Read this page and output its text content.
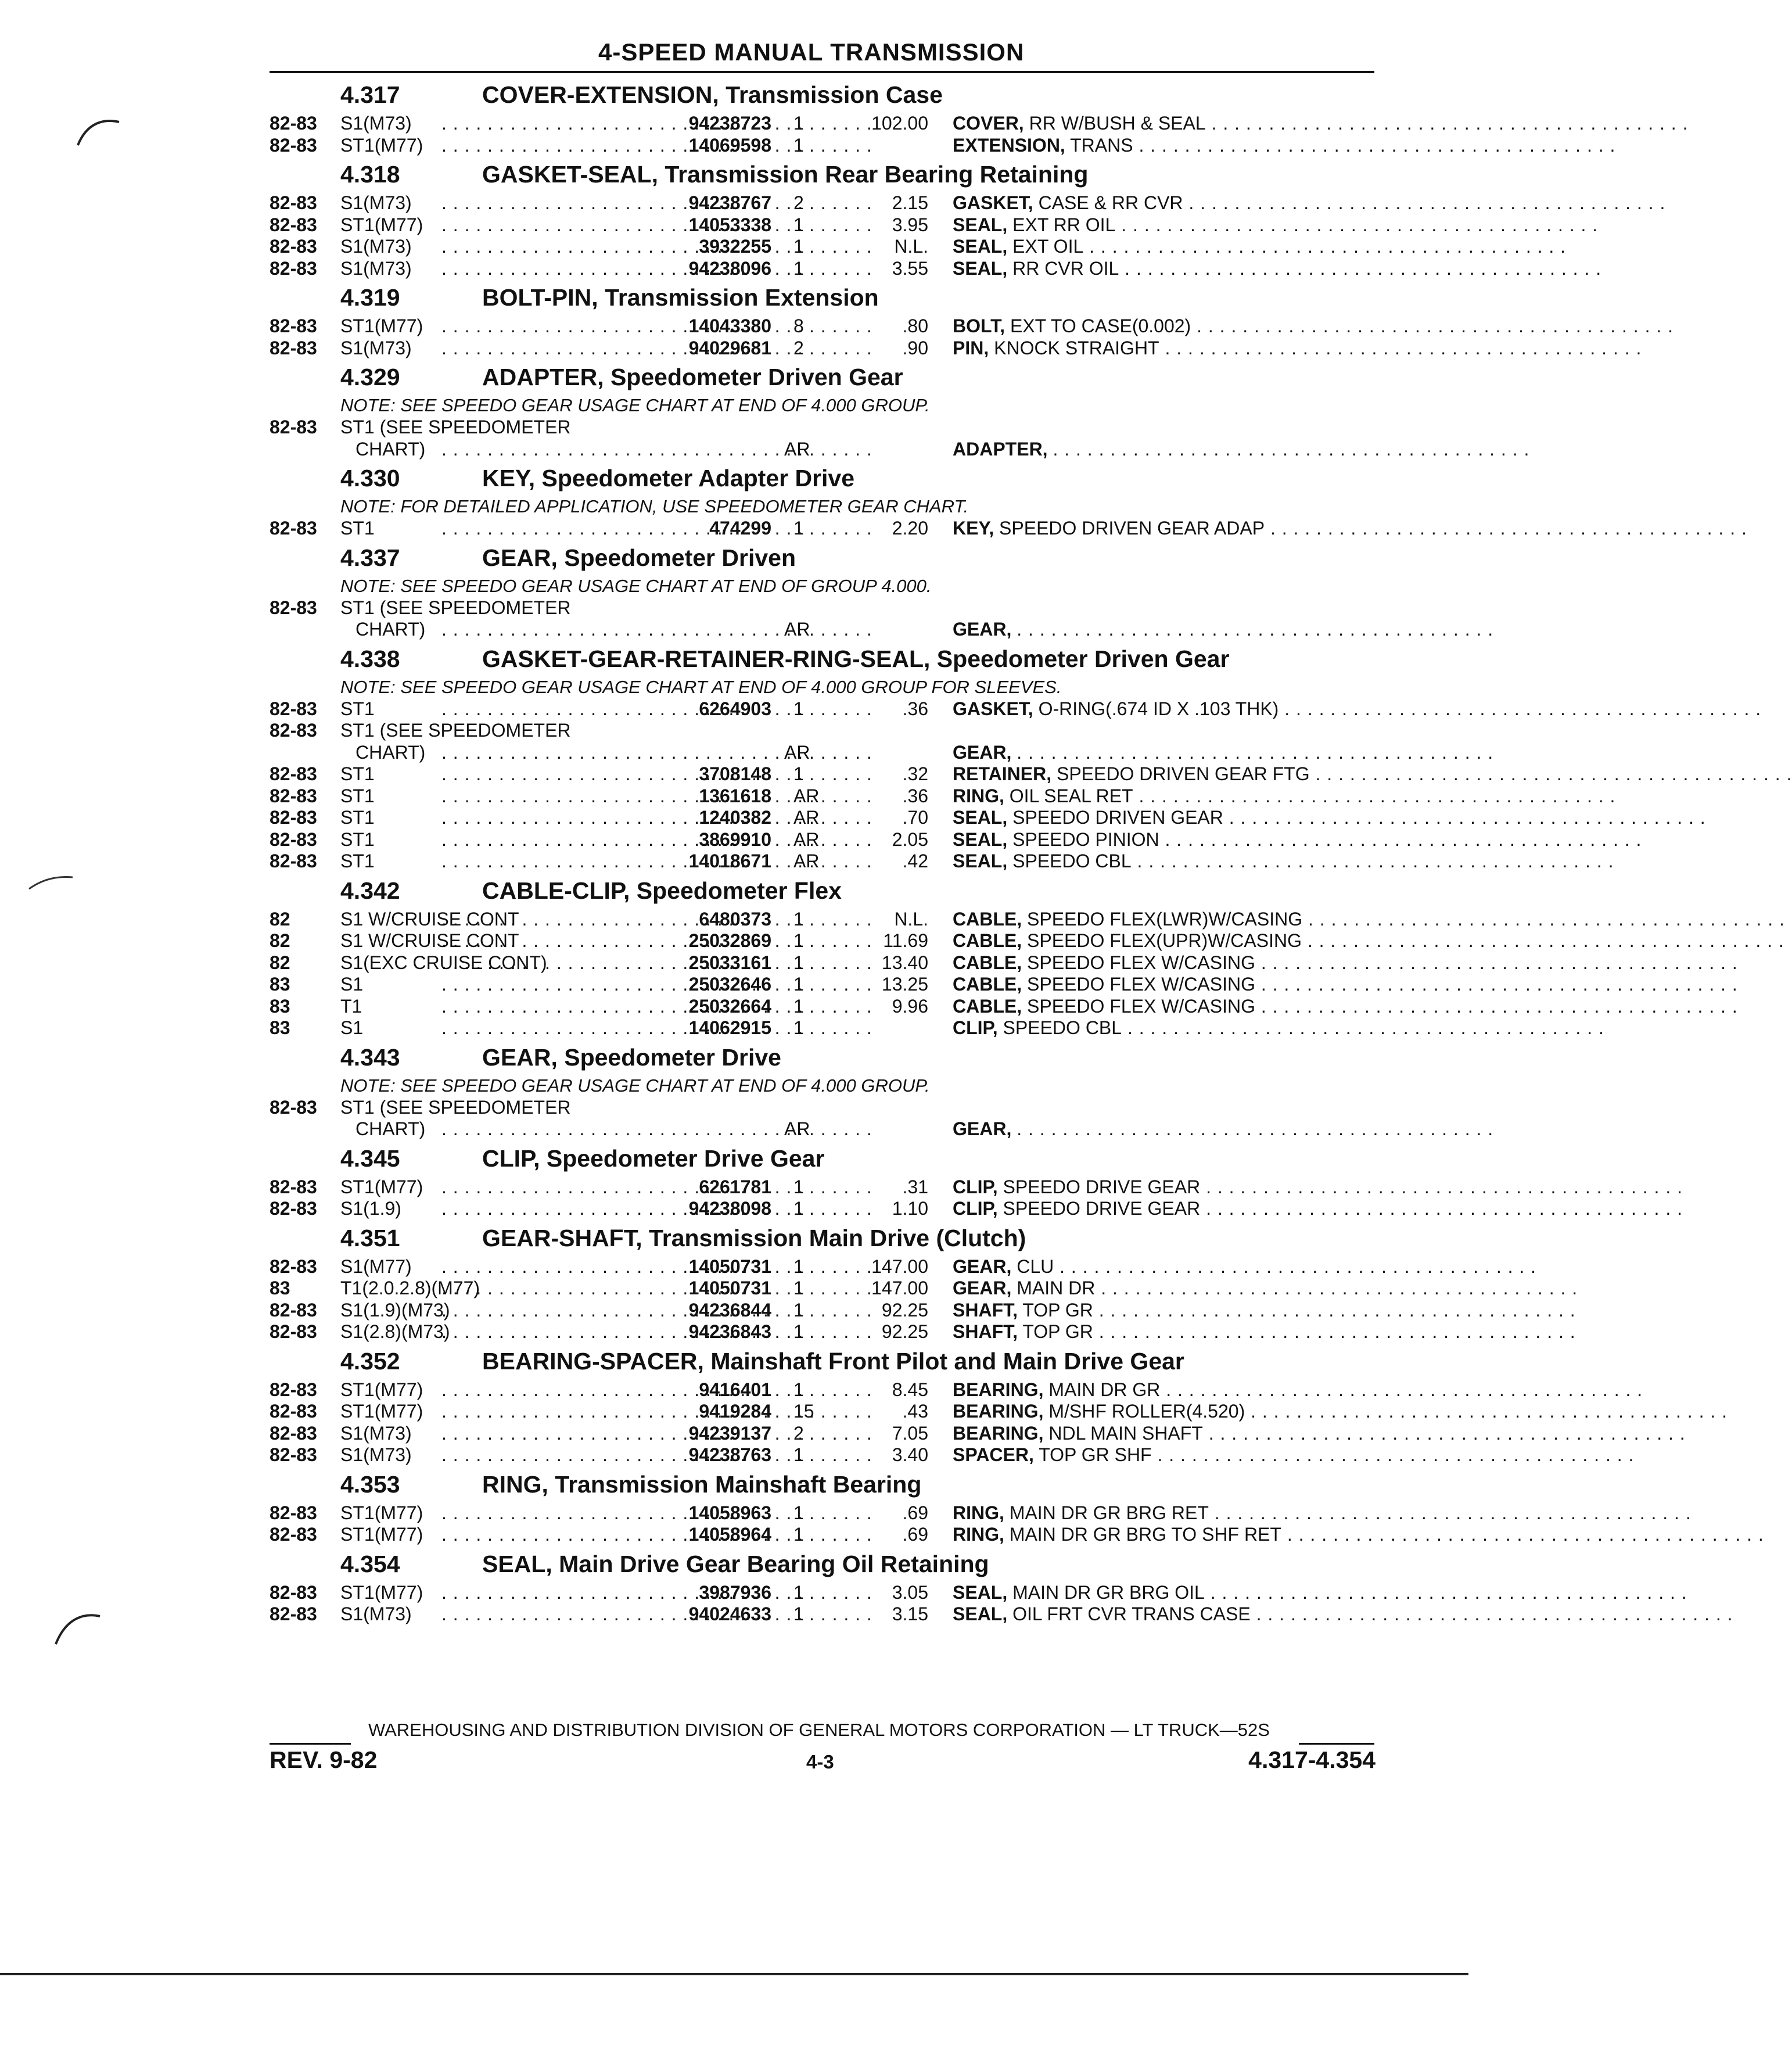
4-SPEED MANUAL TRANSMISSION
4.317	COVER-EXTENSION, Transmission Case
82-83 S1(M73) . . .	94238723 1	102.00 COVER, RR W/BUSH & SEAL . . . . . . . . . . . . . . . . . . . . . . . . . . . . . . . . . . . . . . . . . .
82-83 ST1(M77) . . .	14069598 1	EXTENSION, TRANS . . . . . . . . . . . . . . . . . . . . . . . . . . . . . . . . . . . . . . . . . .
4.318	GASKET-SEAL, Transmission Rear Bearing Retaining
82-83 S1(M73) . . .	94238767 2	2.15 GASKET, CASE & RR CVR . . . . . . . . . . . . . . . . . . . . . . . . . . . . . . . . . . . . . . . . . .
82-83 ST1(M77) . . .	14053338 1	3.95 SEAL, EXT RR OIL . . . . . . . . . . . . . . . . . . . . . . . . . . . . . . . . . . . . . . . . . .
82-83 S1(M73) . . .	3932255 1	N.L. SEAL, EXT OIL . . . . . . . . . . . . . . . . . . . . . . . . . . . . . . . . . . . . . . . . . .
82-83 S1(M73) . . .	94238096 1	3.55 SEAL, RR CVR OIL . . . . . . . . . . . . . . . . . . . . . . . . . . . . . . . . . . . . . . . . . .
4.319	BOLT-PIN, Transmission Extension
82-83 ST1(M77) . . .	14043380 8	.80 BOLT, EXT TO CASE(0.002) . . . . . . . . . . . . . . . . . . . . . . . . . . . . . . . . . . . . . . . . . .
82-83 S1(M73) . . .	94029681 2	.90 PIN, KNOCK STRAIGHT . . . . . . . . . . . . . . . . . . . . . . . . . . . . . . . . . . . . . . . . . .
4.329	ADAPTER, Speedometer Driven Gear
NOTE: SEE SPEEDO GEAR USAGE CHART AT END OF 4.000 GROUP.
82-83 ST1 (SEE SPEEDOMETER
CHART) . . .	AR	ADAPTER, . . . . . . . . . . . . . . . . . . . . . . . . . . . . . . . . . . . . . . . . . .
4.330	KEY, Speedometer Adapter Drive
NOTE: FOR DETAILED APPLICATION, USE SPEEDOMETER GEAR CHART.
82-83 ST1 . . .	474299 1	2.20 KEY, SPEEDO DRIVEN GEAR ADAP . . . . . . . . . . . . . . . . . . . . . . . . . . . . . . . . . . . . . . . . . .
4.337	GEAR, Speedometer Driven
NOTE: SEE SPEEDO GEAR USAGE CHART AT END OF GROUP 4.000.
82-83 ST1 (SEE SPEEDOMETER
CHART) . . .	AR	GEAR, . . . . . . . . . . . . . . . . . . . . . . . . . . . . . . . . . . . . . . . . . .
4.338	GASKET-GEAR-RETAINER-RING-SEAL, Speedometer Driven Gear
NOTE: SEE SPEEDO GEAR USAGE CHART AT END OF 4.000 GROUP FOR SLEEVES.
82-83 ST1 . . .	6264903 1	.36 GASKET, O-RING(.674 ID X .103 THK) . . . . . . . . . . . . . . . . . . . . . . . . . . . . . . . . . . . . . . . . . .
82-83 ST1 (SEE SPEEDOMETER
CHART) . . .	AR	GEAR, . . . . . . . . . . . . . . . . . . . . . . . . . . . . . . . . . . . . . . . . . .
82-83 ST1 . . .	3708148 1	.32 RETAINER, SPEEDO DRIVEN GEAR FTG . . . . . . . . . . . . . . . . . . . . . . . . . . . . . . . . . . . . . . . . . .
82-83 ST1 . . .	1361618 AR	.36 RING, OIL SEAL RET . . . . . . . . . . . . . . . . . . . . . . . . . . . . . . . . . . . . . . . . . .
82-83 ST1 . . .	1240382 AR	.70 SEAL, SPEEDO DRIVEN GEAR . . . . . . . . . . . . . . . . . . . . . . . . . . . . . . . . . . . . . . . . . .
82-83 ST1 . . .	3869910 AR	2.05 SEAL, SPEEDO PINION . . . . . . . . . . . . . . . . . . . . . . . . . . . . . . . . . . . . . . . . . .
82-83 ST1 . . .	14018671 AR	.42 SEAL, SPEEDO CBL . . . . . . . . . . . . . . . . . . . . . . . . . . . . . . . . . . . . . . . . . .
4.342	CABLE-CLIP, Speedometer Flex
82	S1 W/CRUISE CONT . . .	6480373 1	N.L. CABLE, SPEEDO FLEX(LWR)W/CASING . . . . . . . . . . . . . . . . . . . . . . . . . . . . . . . . . . . . . . . . . .
82	S1 W/CRUISE CONT . . .	25032869 1	11.69 CABLE, SPEEDO FLEX(UPR)W/CASING . . . . . . . . . . . . . . . . . . . . . . . . . . . . . . . . . . . . . . . . . .
82	S1(EXC CRUISE CONT) . . .	25033161 1	13.40 CABLE, SPEEDO FLEX W/CASING . . . . . . . . . . . . . . . . . . . . . . . . . . . . . . . . . . . . . . . . . .
83	S1 . . .	25032646 1	13.25 CABLE, SPEEDO FLEX W/CASING . . . . . . . . . . . . . . . . . . . . . . . . . . . . . . . . . . . . . . . . . .
83	T1 . . .	25032664 1	9.96 CABLE, SPEEDO FLEX W/CASING . . . . . . . . . . . . . . . . . . . . . . . . . . . . . . . . . . . . . . . . . .
83	S1 . . .	14062915 1	CLIP, SPEEDO CBL . . . . . . . . . . . . . . . . . . . . . . . . . . . . . . . . . . . . . . . . . .
4.343	GEAR, Speedometer Drive
NOTE: SEE SPEEDO GEAR USAGE CHART AT END OF 4.000 GROUP.
82-83 ST1 (SEE SPEEDOMETER
CHART) . . .	AR	GEAR, . . . . . . . . . . . . . . . . . . . . . . . . . . . . . . . . . . . . . . . . . .
4.345	CLIP, Speedometer Drive Gear
82-83 ST1(M77) . . .	6261781 1	.31 CLIP, SPEEDO DRIVE GEAR . . . . . . . . . . . . . . . . . . . . . . . . . . . . . . . . . . . . . . . . . .
82-83 S1(1.9) . . .	94238098 1	1.10 CLIP, SPEEDO DRIVE GEAR . . . . . . . . . . . . . . . . . . . . . . . . . . . . . . . . . . . . . . . . . .
4.351	GEAR-SHAFT, Transmission Main Drive (Clutch)
82-83 S1(M77) . . .	14050731 1	147.00 GEAR, CLU . . . . . . . . . . . . . . . . . . . . . . . . . . . . . . . . . . . . . . . . . .
83	T1(2.0.2.8)(M77) . . .	14050731 1	147.00 GEAR, MAIN DR . . . . . . . . . . . . . . . . . . . . . . . . . . . . . . . . . . . . . . . . . .
82-83 S1(1.9)(M73) . . .	94236844 1	92.25 SHAFT, TOP GR . . . . . . . . . . . . . . . . . . . . . . . . . . . . . . . . . . . . . . . . . .
82-83 S1(2.8)(M73) . . .	94236843 1	92.25 SHAFT, TOP GR . . . . . . . . . . . . . . . . . . . . . . . . . . . . . . . . . . . . . . . . . .
4.352	BEARING-SPACER, Mainshaft Front Pilot and Main Drive Gear
82-83 ST1(M77) . . .	9416401 1	8.45 BEARING, MAIN DR GR . . . . . . . . . . . . . . . . . . . . . . . . . . . . . . . . . . . . . . . . . .
82-83 ST1(M77) . . .	9419284 15	.43 BEARING, M/SHF ROLLER(4.520) . . . . . . . . . . . . . . . . . . . . . . . . . . . . . . . . . . . . . . . . . .
82-83 S1(M73) . . .	94239137 2	7.05 BEARING, NDL MAIN SHAFT . . . . . . . . . . . . . . . . . . . . . . . . . . . . . . . . . . . . . . . . . .
82-83 S1(M73) . . .	94238763 1	3.40 SPACER, TOP GR SHF . . . . . . . . . . . . . . . . . . . . . . . . . . . . . . . . . . . . . . . . . .
4.353	RING, Transmission Mainshaft Bearing
82-83 ST1(M77) . . .	14058963 1	.69 RING, MAIN DR GR BRG RET . . . . . . . . . . . . . . . . . . . . . . . . . . . . . . . . . . . . . . . . . .
82-83 ST1(M77) . . .	14058964 1	.69 RING, MAIN DR GR BRG TO SHF RET . . . . . . . . . . . . . . . . . . . . . . . . . . . . . . . . . . . . . . . . . .
4.354	SEAL, Main Drive Gear Bearing Oil Retaining
82-83 ST1(M77) . . .	3987936 1	3.05 SEAL, MAIN DR GR BRG OIL . . . . . . . . . . . . . . . . . . . . . . . . . . . . . . . . . . . . . . . . . .
82-83 S1(M73) . . .	94024633 1	3.15 SEAL, OIL FRT CVR TRANS CASE . . . . . . . . . . . . . . . . . . . . . . . . . . . . . . . . . . . . . . . . . .
WAREHOUSING AND DISTRIBUTION DIVISION OF GENERAL MOTORS CORPORATION — LT TRUCK—52S
REV. 9-82	4-3	4.317-4.354
